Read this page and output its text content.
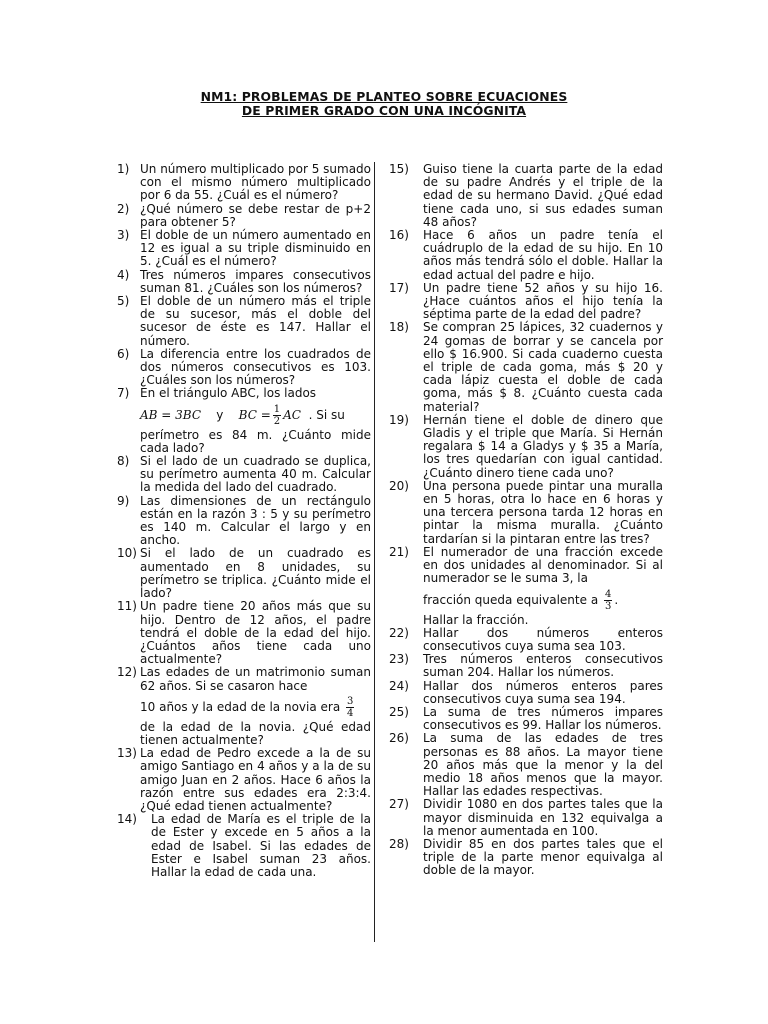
NM1: PROBLEMAS DE PLANTEO SOBRE ECUACIONES
DE PRIMER GRADO CON UNA INCÓGNITA
1) Un número multiplicado por 5 sumado con el mismo número multiplicado por 6 da 55. ¿Cuál es el número?
2) ¿Qué número se debe restar de p+2 para obtener 5?
3) El doble de un número aumentado en 12 es igual a su triple disminuido en 5. ¿Cuál es el número?
4) Tres números impares consecutivos suman 81. ¿Cuáles son los números?
5) El doble de un número más el triple de su sucesor, más el doble del sucesor de éste es 147. Hallar el número.
6) La diferencia entre los cuadrados de dos números consecutivos es 103. ¿Cuáles son los números?
7) En el triángulo ABC, los lados
AB = 3BC y BC = $\frac{1}{2}$ AC . Si su
perímetro es 84 m. ¿Cuánto mide cada lado?
8) Si el lado de un cuadrado se duplica, su perímetro aumenta 40 m. Calcular la medida del lado del cuadrado.
9) Las dimensiones de un rectángulo están en la razón 3 : 5 y su perímetro es 140 m. Calcular el largo y en ancho.
10) Si el lado de un cuadrado es aumentado en 8 unidades, su perímetro se triplica. ¿Cuánto mide el lado?
11) Un padre tiene 20 años más que su hijo. Dentro de 12 años, el padre tendrá el doble de la edad del hijo. ¿Cuántos años tiene cada uno actualmente?
12) Las edades de un matrimonio suman 62 años. Si se casaron hace
10 años y la edad de la novia era $\frac{3}{4}$
de la edad de la novia. ¿Qué edad tienen actualmente?
13) La edad de Pedro excede a la de su amigo Santiago en 4 años y a la de su amigo Juan en 2 años. Hace 6 años la razón entre sus edades era 2:3:4. ¿Qué edad tienen actualmente?
14) La edad de María es el triple de la de Ester y excede en 5 años a la edad de Isabel. Si las edades de Ester e Isabel suman 23 años. Hallar la edad de cada una.
15) Guiso tiene la cuarta parte de la edad de su padre Andrés y el triple de la edad de su hermano David. ¿Qué edad tiene cada uno, si sus edades suman 48 años?
16) Hace 6 años un padre tenía el cuádruplo de la edad de su hijo. En 10 años más tendrá sólo el doble. Hallar la edad actual del padre e hijo.
17) Un padre tiene 52 años y su hijo 16. ¿Hace cuántos años el hijo tenía la séptima parte de la edad del padre?
18) Se compran 25 lápices, 32 cuadernos y 24 gomas de borrar y se cancela por ello $ 16.900. Si cada cuaderno cuesta el triple de cada goma, más $ 20 y cada lápiz cuesta el doble de cada goma, más $ 8. ¿Cuánto cuesta cada material?
19) Hernán tiene el doble de dinero que Gladis y el triple que María. Si Hernán regalara $ 14 a Gladys y $ 35 a María, los tres quedarían con igual cantidad. ¿Cuánto dinero tiene cada uno?
20) Una persona puede pintar una muralla en 5 horas, otra lo hace en 6 horas y una tercera persona tarda 12 horas en pintar la misma muralla. ¿Cuánto tardarían si la pintaran entre las tres?
21) El numerador de una fracción excede en dos unidades al denominador. Si al numerador se le suma 3, la
fracción queda equivalente a $\frac{4}{3}$ .
Hallar la fracción.
22) Hallar dos números enteros consecutivos cuya suma sea 103.
23) Tres números enteros consecutivos suman 204. Hallar los números.
24) Hallar dos números enteros pares consecutivos cuya suma sea 194.
25) La suma de tres números impares consecutivos es 99. Hallar los números.
26) La suma de las edades de tres personas es 88 años. La mayor tiene 20 años más que la menor y la del medio 18 años menos que la mayor. Hallar las edades respectivas.
27) Dividir 1080 en dos partes tales que la mayor disminuida en 132 equivalga a la menor aumentada en 100.
28) Dividir 85 en dos partes tales que el triple de la parte menor equivalga al doble de la mayor.
